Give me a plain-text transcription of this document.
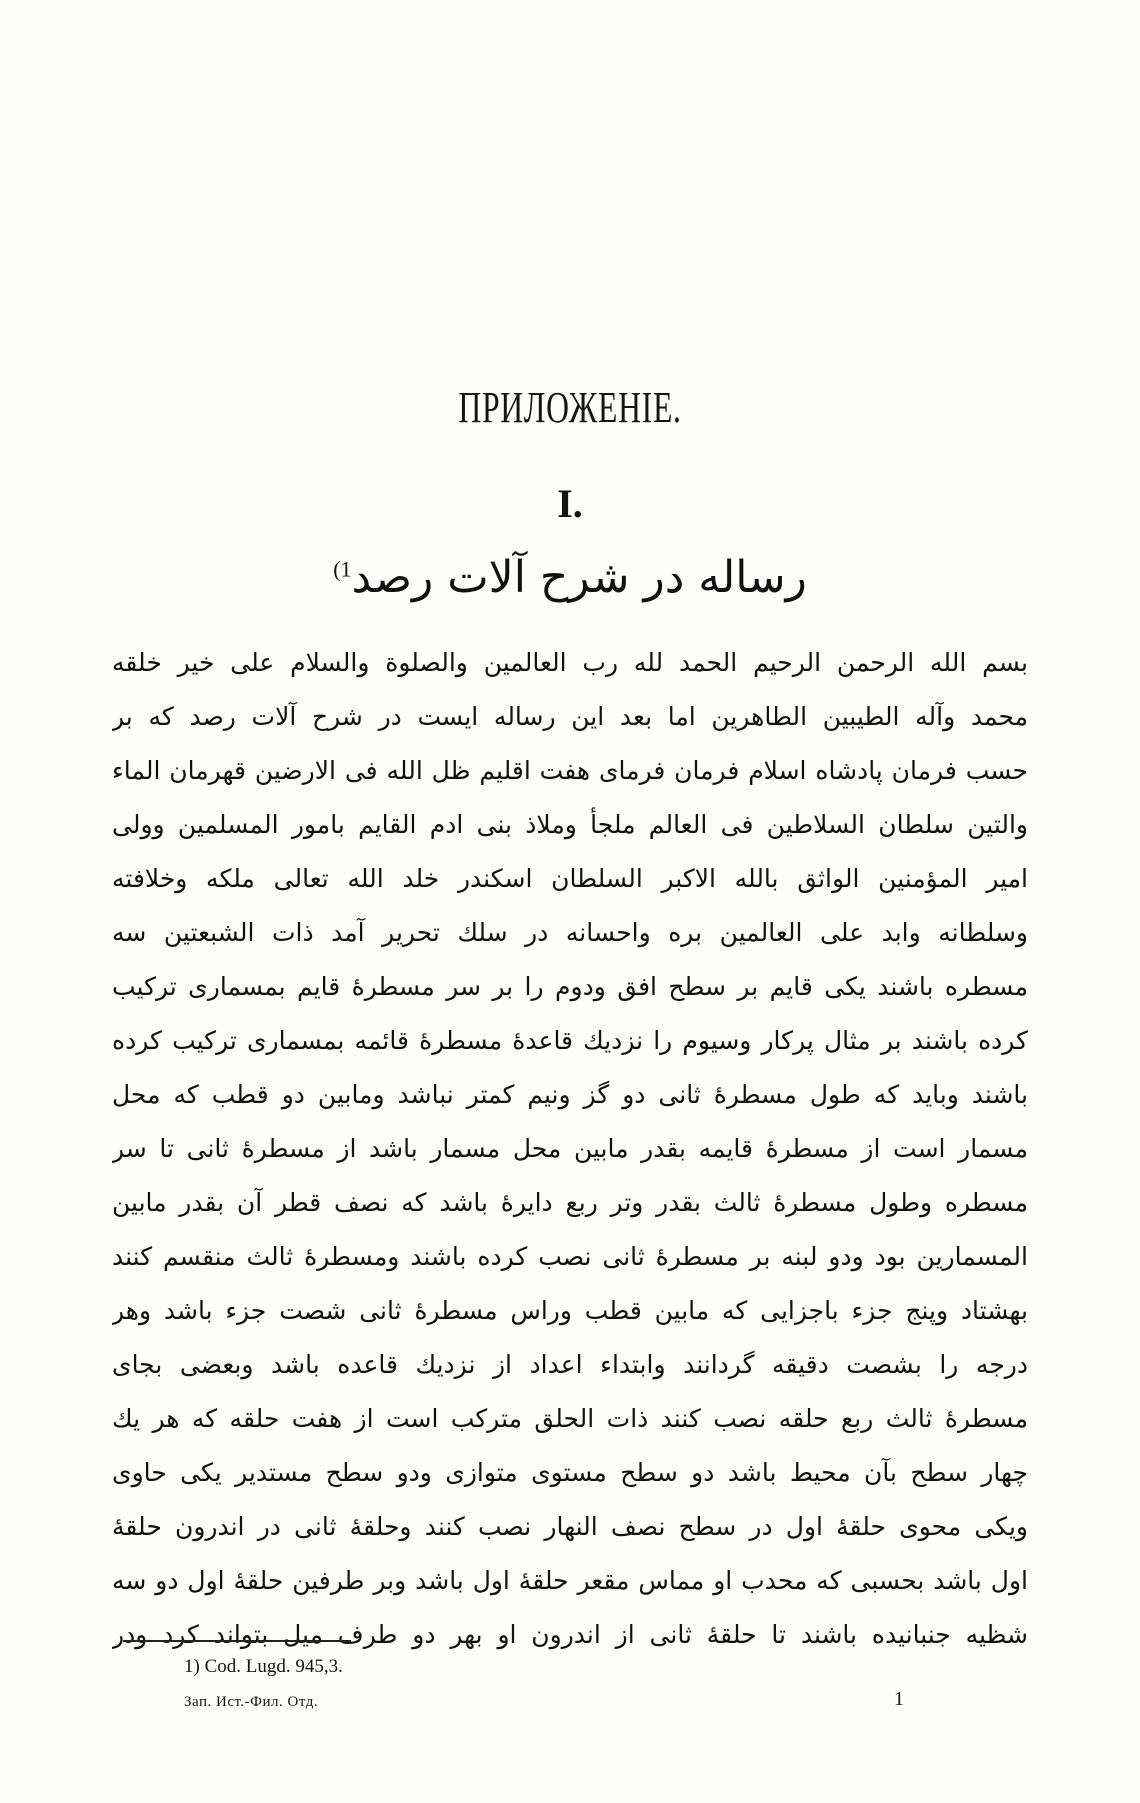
ПРИЛОЖЕНІЕ.
I.
رساله در شرح آلات رصد$^{1)}$
بسم الله الرحمن الرحيم الحمد لله رب العالمين والصلوة والسلام على خير خلقه
محمد وآله الطيبين الطاهرين اما بعد اين رساله ايست در شرح آلات رصد كه بر
حسب فرمان پادشاه اسلام فرمان فرماى هفت اقليم ظل الله فى الارضين قهرمان الماء
والتين سلطان السلاطين فى العالم ملجأ وملاذ بنى ادم القايم بامور المسلمين وولى
امير المؤمنين الواثق بالله الاكبر السلطان اسكندر خلد الله تعالى ملكه وخلافته
وسلطانه وابد على العالمين بره واحسانه در سلك تحرير آمد ذات الشبعتين سه
مسطره باشند يكى قايم بر سطح افق ودوم را بر سر مسطرهٔ قايم بمسمارى تركيب
كرده باشند بر مثال پركار وسيوم را نزديك قاعدهٔ مسطرهٔ قائمه بمسمارى تركيب كرده
باشند وبايد كه طول مسطرهٔ ثانى دو گز ونيم كمتر نباشد ومابين دو قطب كه محل
مسمار است از مسطرهٔ قايمه بقدر مابين محل مسمار باشد از مسطرهٔ ثانى تا سر
مسطره وطول مسطرهٔ ثالث بقدر وتر ربع دايرهٔ باشد كه نصف قطر آن بقدر مابين
المسمارين بود ودو لبنه بر مسطرهٔ ثانى نصب كرده باشند ومسطرهٔ ثالث منقسم كنند
بهشتاد وپنج جزء باجزايى كه مابين قطب وراس مسطرهٔ ثانى شصت جزء باشد وهر
درجه را بشصت دقيقه گردانند وابتداء اعداد از نزديك قاعده باشد وبعضى بجاى
مسطرهٔ ثالث ربع حلقه نصب كنند ذات الحلق متركب است از هفت حلقه كه هر يك
چهار سطح بآن محيط باشد دو سطح مستوى متوازى ودو سطح مستدير يكى حاوى
ويكى محوى حلقهٔ اول در سطح نصف النهار نصب كنند وحلقهٔ ثانى در اندرون حلقهٔ
اول باشد بحسبى كه محدب او مماس مقعر حلقهٔ اول باشد وبر طرفين حلقهٔ اول دو سه
شظيه جنبانيده باشند تا حلقهٔ ثانى از اندرون او بهر دو طرف ميل بتواند كرد ودر
1) Cod. Lugd. 945,3.
Зап. Ист.-Фил. Отд.	1
